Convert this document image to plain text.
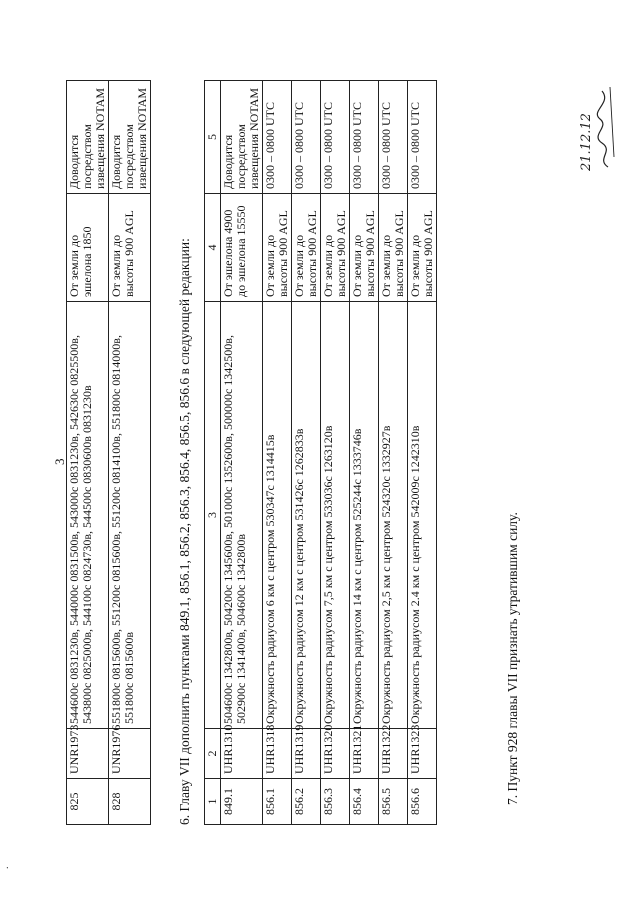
.
3
825	UNR1973	544600с 0831230в, 544000с 0831500в, 543000с 0831230в, 542630с 0825500в, 543800с 0825000в, 544100с 0824730в, 544500с 0830600в 0831230в	От земли до эшелона 1850	Доводится посредством извещения NOTAM
828	UNR1976	551800с 0815600в, 551200с 0815600в, 551200с 0814100в, 551800с 0814000в, 551800с 0815600в	От земли до высоты 900 AGL	Доводится посредством извещения NOTAM
6. Главу VII дополнить пунктами 849.1, 856.1, 856.2, 856.3, 856.4, 856.5, 856.6 в следующей редакции: 1	2	3	4	5
849.1	UHR1310	504600с 1342800в, 504200с 1345600в, 501000с 1352600в, 500000с 1342500в, 502900с 1341400в, 504600с 1342800в	От эшелона 4900 до эшелона 15550	Доводится посредством извещения NOTAM
856.1	UHR1318	Окружность радиусом 6 км с центром 530347с 1314415в	От земли до высоты 900 AGL	0300 – 0800 UTC
856.2	UHR1319	Окружность радиусом 12 км с центром 531426с 1262833в	От земли до высоты 900 AGL	0300 – 0800 UTC
856.3	UHR1320	Окружность радиусом 7,5 км с центром 533036с 1263120в	От земли до высоты 900 AGL	0300 – 0800 UTC
856.4	UHR1321	Окружность радиусом 14 км с центром 525244с 1333746в	От земли до высоты 900 AGL	0300 – 0800 UTC
856.5	UHR1322	Окружность радиусом 2,5 км с центром 524320с 1332927в	От земли до высоты 900 AGL	0300 – 0800 UTC
856.6	UHR1323	Окружность радиусом 2.4 км с центром 542009с 1242310в	От земли до высоты 900 AGL	0300 – 0800 UTC
7. Пункт 928 главы VII признать утратившим силу.
21.12.12
